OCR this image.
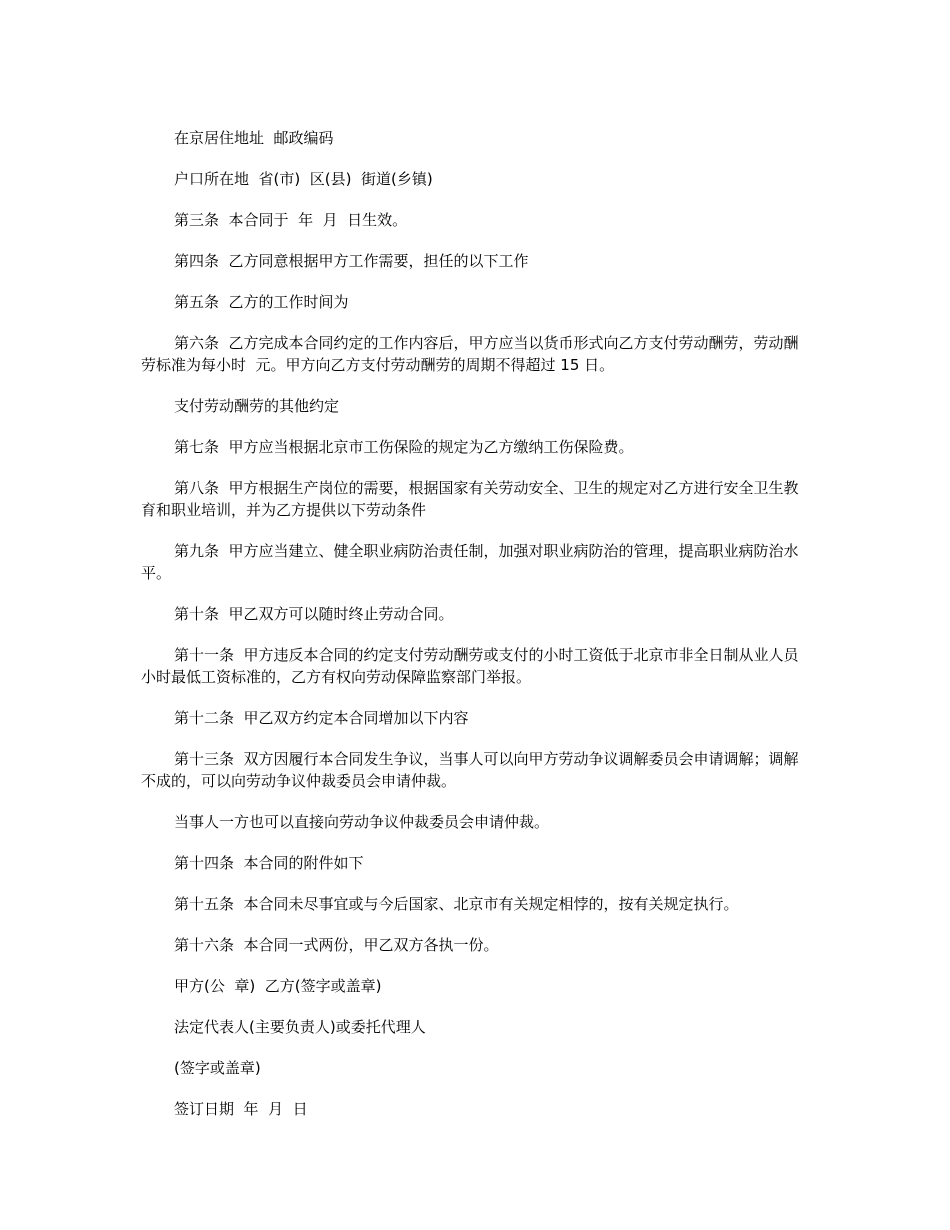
在京居住地址  邮政编码

户口所在地  省(市)  区(县)  街道(乡镇)

第三条  本合同于  年  月  日生效。

第四条  乙方同意根据甲方工作需要，担任的以下工作

第五条  乙方的工作时间为

第六条  乙方完成本合同约定的工作内容后，甲方应当以货币形式向乙方支付劳动酬劳，劳动酬劳标准为每小时  元。甲方向乙方支付劳动酬劳的周期不得超过 15 日。

支付劳动酬劳的其他约定

第七条  甲方应当根据北京市工伤保险的规定为乙方缴纳工伤保险费。

第八条  甲方根据生产岗位的需要，根据国家有关劳动安全、卫生的规定对乙方进行安全卫生教育和职业培训，并为乙方提供以下劳动条件

第九条  甲方应当建立、健全职业病防治责任制，加强对职业病防治的管理，提高职业病防治水平。

第十条  甲乙双方可以随时终止劳动合同。

第十一条  甲方违反本合同的约定支付劳动酬劳或支付的小时工资低于北京市非全日制从业人员小时最低工资标准的，乙方有权向劳动保障监察部门举报。

第十二条  甲乙双方约定本合同增加以下内容

第十三条  双方因履行本合同发生争议，当事人可以向甲方劳动争议调解委员会申请调解；调解不成的，可以向劳动争议仲裁委员会申请仲裁。

当事人一方也可以直接向劳动争议仲裁委员会申请仲裁。

第十四条  本合同的附件如下

第十五条  本合同未尽事宜或与今后国家、北京市有关规定相悖的，按有关规定执行。

第十六条  本合同一式两份，甲乙双方各执一份。

甲方(公  章)  乙方(签字或盖章)

法定代表人(主要负责人)或委托代理人

(签字或盖章)

签订日期  年  月  日
